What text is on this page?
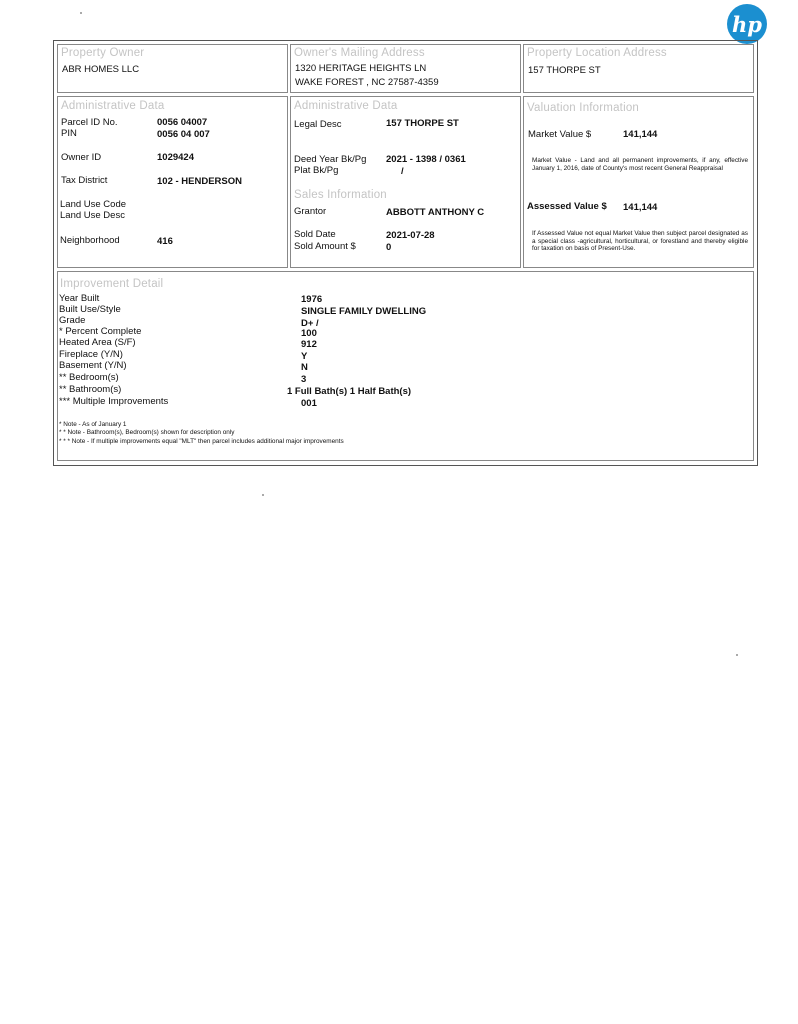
hp
Property Owner
ABR HOMES LLC
Owner's Mailing Address
1320 HERITAGE HEIGHTS LN
WAKE FOREST , NC 27587-4359
Property Location Address
157 THORPE ST
Administrative Data
Parcel ID No.	0056 04007
PIN	0056 04 007
Owner ID	1029424
Tax District	102 - HENDERSON
Land Use Code
Land Use Desc
Neighborhood	416
Administrative Data
Legal Desc	157 THORPE ST
Deed Year Bk/Pg 2021 - 1398 / 0361
Plat Bk/Pg	/
Sales Information
Grantor	ABBOTT ANTHONY C
Sold Date	2021-07-28
Sold Amount $	0
Valuation Information
Market Value $	141,144
Market Value - Land and all permanent improvements, if any, effective January 1, 2016, date of County's most recent General Reappraisal
Assessed Value $ 141,144
If Assessed Value not equal Market Value then subject parcel designated as a special class -agricultural, horticultural, or forestland and thereby eligible for taxation on basis of Present-Use.
Improvement Detail
Year Built	1976
Built Use/Style	SINGLE FAMILY DWELLING
Grade	D+ /
* Percent Complete	100
Heated Area (S/F)	912
Fireplace (Y/N)	Y
Basement (Y/N)	N
** Bedroom(s)	3
** Bathroom(s)	1 Full Bath(s) 1 Half Bath(s)
*** Multiple Improvements	001
* Note - As of January 1
* * Note - Bathroom(s), Bedroom(s) shown for description only
* * * Note - If multiple improvements equal "MLT" then parcel includes additional major improvements
